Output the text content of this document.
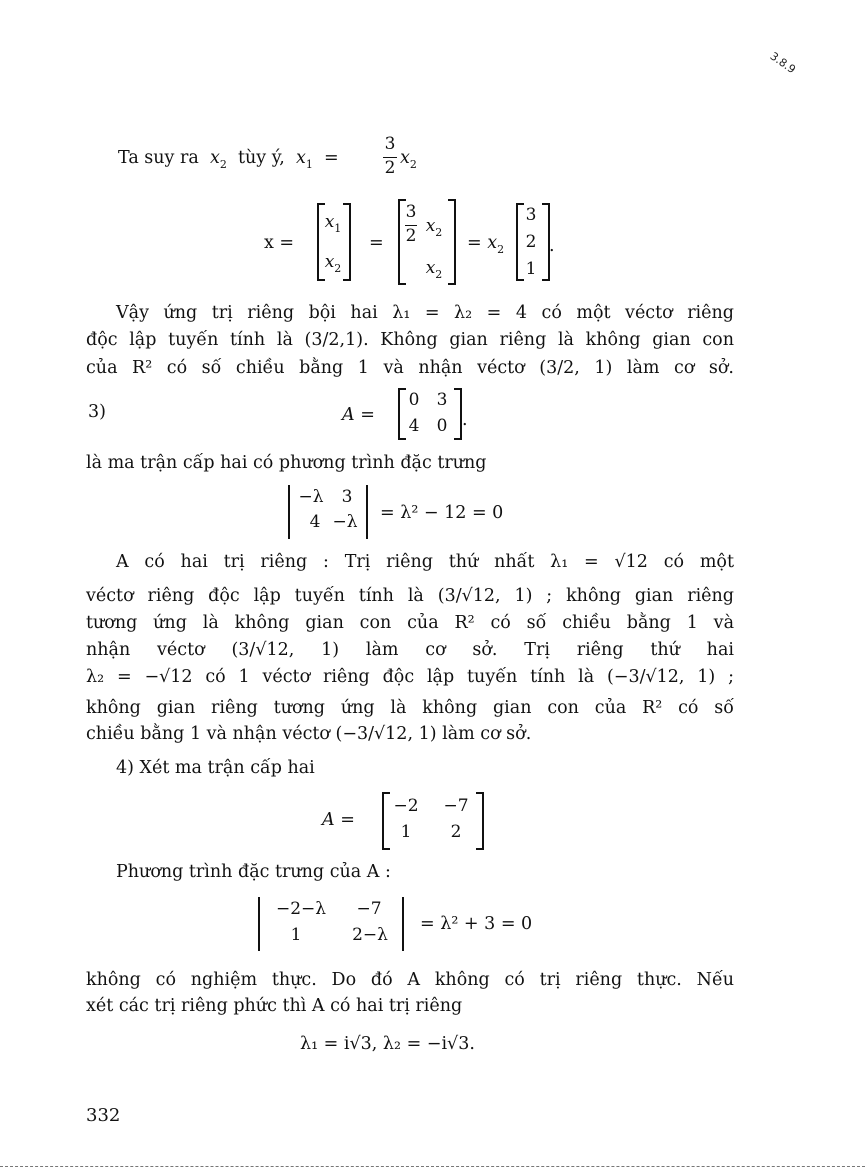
3.8.9
Ta suy ra $x_2$ tùy ý, $x_1$ =
3
2 $x_2$
x =
$x_1$
$x_2$
=
3
2 $x_2$
$x_2$
= $x_2$
3
2
1
.
Vậy ứng trị riêng bội hai λ₁ = λ₂ = 4 có một véctơ riêng
độc lập tuyến tính là (3/2,1). Không gian riêng là không gian con
của R² có số chiều bằng 1 và nhận véctơ (3/2, 1) làm cơ sở.
3)	A =
0 3
4 0 .
là ma trận cấp hai có phương trình đặc trưng
−λ	3
4 −λ = λ² − 12 = 0
A có hai trị riêng : Trị riêng thứ nhất λ₁ = √12 có một
véctơ riêng độc lập tuyến tính là (3/√12, 1) ; không gian riêng
tương ứng là không gian con của R² có số chiều bằng 1 và
nhận véctơ (3/√12, 1) làm cơ sở. Trị riêng thứ hai
λ₂ = −√12 có 1 véctơ riêng độc lập tuyến tính là (−3/√12, 1) ;
không gian riêng tương ứng là không gian con của R² có số
chiều bằng 1 và nhận véctơ (−3/√12, 1) làm cơ sở.
4) Xét ma trận cấp hai
A =
−2	−7
1	2
Phương trình đặc trưng của A :
−2−λ	−7
1	2−λ
= λ² + 3 = 0
không có nghiệm thực. Do đó A không có trị riêng thực. Nếu
xét các trị riêng phức thì A có hai trị riêng
λ₁ = i√3, λ₂ = −i√3.
332
